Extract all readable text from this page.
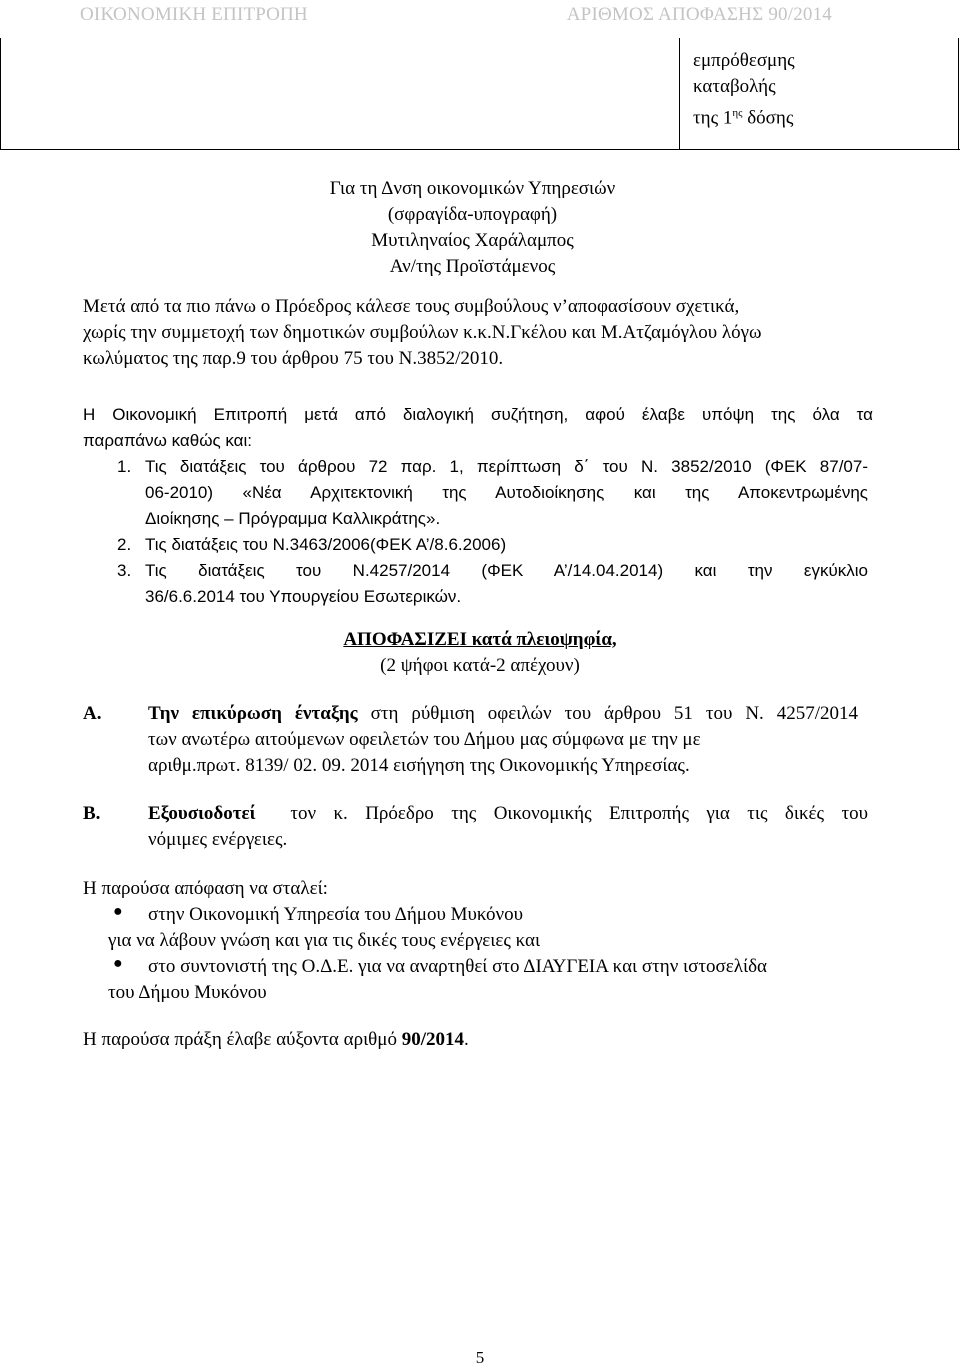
ΟΙΚΟΝΟΜΙΚΗ ΕΠΙΤΡΟΠΗ	ΑΡΙΘΜΟΣ ΑΠΟΦΑΣΗΣ 90/2014
εμπρόθεσμης
καταβολής
της $1^{\eta\varsigma}$ δόσης
Για τη Δνση οικονομικών Υπηρεσιών
(σφραγίδα-υπογραφή)
Μυτιληναίος Χαράλαμπος
Αν/της Προϊστάμενος
Μετά από τα πιο πάνω ο Πρόεδρος κάλεσε τους συμβούλους ν’αποφασίσουν σχετικά,
χωρίς την συμμετοχή των δημοτικών συμβούλων κ.κ.Ν.Γκέλου και Μ.Ατζαμόγλου λόγω
κωλύματος της παρ.9 του άρθρου 75 του Ν.3852/2010.
Η Οικονομική Επιτροπή μετά από διαλογική συζήτηση, αφού έλαβε υπόψη της όλα τα
παραπάνω καθώς και:
1. Τις διατάξεις του άρθρου 72 παρ. 1, περίπτωση δ΄ του Ν. 3852/2010 (ΦΕΚ 87/07-
06-2010) «Νέα Αρχιτεκτονική της Αυτοδιοίκησης και της Αποκεντρωμένης
Διοίκησης – Πρόγραμμα Καλλικράτης».
2. Τις διατάξεις του Ν.3463/2006(ΦΕΚ Α’/8.6.2006)
3. Τις διατάξεις του Ν.4257/2014 (ΦΕΚ Α’/14.04.2014) και την εγκύκλιο
36/6.6.2014 του Υπουργείου Εσωτερικών.
ΑΠΟΦΑΣΙΖΕΙ κατά πλειοψηφία,
(2 ψήφοι κατά-2 απέχουν)
Α. Την επικύρωση ένταξης στη ρύθμιση οφειλών του άρθρου 51 του Ν. 4257/2014
των ανωτέρω αιτούμενων οφειλετών του Δήμου μας σύμφωνα με την με
αριθμ.πρωτ. 8139/ 02. 09. 2014 εισήγηση της Οικονομικής Υπηρεσίας.
Β.	Εξουσιοδοτεί  τον κ. Πρόεδρο της Οικονομικής Επιτροπής για τις δικές του
νόμιμες ενέργειες.
Η παρούσα απόφαση να σταλεί:
● στην Οικονομική Υπηρεσία του Δήμου Μυκόνου
για να λάβουν γνώση και για τις δικές τους ενέργειες και
● στο συντονιστή της Ο.Δ.Ε. για να αναρτηθεί στο ΔΙΑΥΓΕΙΑ και στην ιστοσελίδα
του Δήμου Μυκόνου
Η παρούσα πράξη έλαβε αύξοντα αριθμό 90/2014.
5
